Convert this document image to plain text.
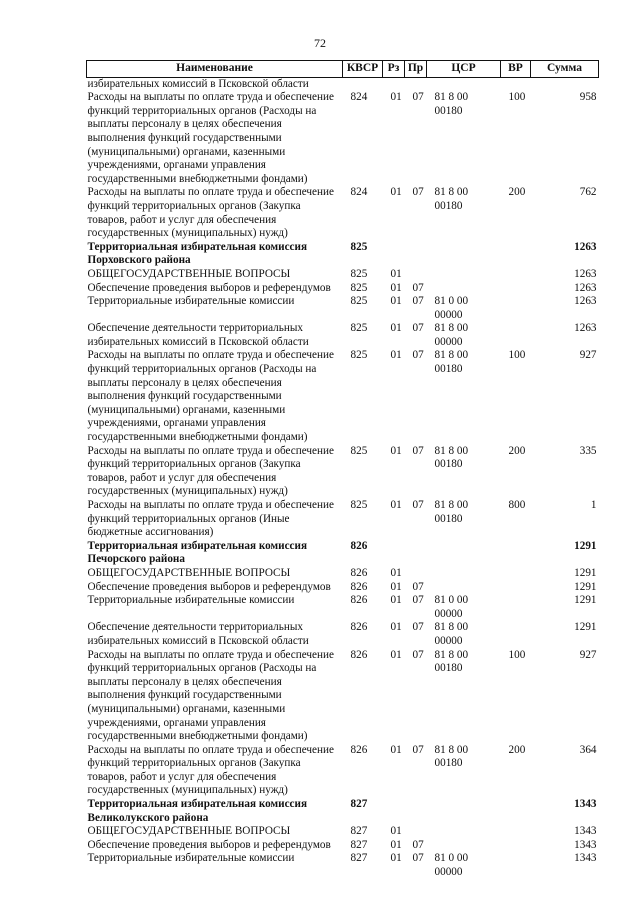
72
Наименование	КВСР	Рз	Пр	ЦСР	ВР	Сумма
избирательных комиссий в Псковской области						
Расходы на выплаты по оплате труда и обеспечение функций территориальных органов (Расходы на выплаты персоналу в целях обеспечения выполнения функций государственными (муниципальными) органами, казенными учреждениями, органами управления государственными внебюджетными фондами)	824	01	07	81 8 00 00180	100	958
Расходы на выплаты по оплате труда и обеспечение функций территориальных органов (Закупка товаров, работ и услуг для обеспечения государственных (муниципальных) нужд)	824	01	07	81 8 00 00180	200	762
Территориальная избирательная комиссия Порховского района	825					1263
ОБЩЕГОСУДАРСТВЕННЫЕ ВОПРОСЫ	825	01				1263
Обеспечение проведения выборов и референдумов	825	01	07			1263
Территориальные избирательные комиссии	825	01	07	81 0 00 00000		1263
Обеспечение деятельности территориальных избирательных комиссий в Псковской области	825	01	07	81 8 00 00000		1263
Расходы на выплаты по оплате труда и обеспечение функций территориальных органов (Расходы на выплаты персоналу в целях обеспечения выполнения функций государственными (муниципальными) органами, казенными учреждениями, органами управления государственными внебюджетными фондами)	825	01	07	81 8 00 00180	100	927
Расходы на выплаты по оплате труда и обеспечение функций территориальных органов (Закупка товаров, работ и услуг для обеспечения государственных (муниципальных) нужд)	825	01	07	81 8 00 00180	200	335
Расходы на выплаты по оплате труда и обеспечение функций территориальных органов (Иные бюджетные ассигнования)	825	01	07	81 8 00 00180	800	1
Территориальная избирательная комиссия Печорского района	826					1291
ОБЩЕГОСУДАРСТВЕННЫЕ ВОПРОСЫ	826	01				1291
Обеспечение проведения выборов и референдумов	826	01	07			1291
Территориальные избирательные комиссии	826	01	07	81 0 00 00000		1291
Обеспечение деятельности территориальных избирательных комиссий в Псковской области	826	01	07	81 8 00 00000		1291
Расходы на выплаты по оплате труда и обеспечение функций территориальных органов (Расходы на выплаты персоналу в целях обеспечения выполнения функций государственными (муниципальными) органами, казенными учреждениями, органами управления государственными внебюджетными фондами)	826	01	07	81 8 00 00180	100	927
Расходы на выплаты по оплате труда и обеспечение функций территориальных органов (Закупка товаров, работ и услуг для обеспечения государственных (муниципальных) нужд)	826	01	07	81 8 00 00180	200	364
Территориальная избирательная комиссия Великолукского района	827					1343
ОБЩЕГОСУДАРСТВЕННЫЕ ВОПРОСЫ	827	01				1343
Обеспечение проведения выборов и референдумов	827	01	07			1343
Территориальные избирательные комиссии	827	01	07	81 0 00 00000		1343
